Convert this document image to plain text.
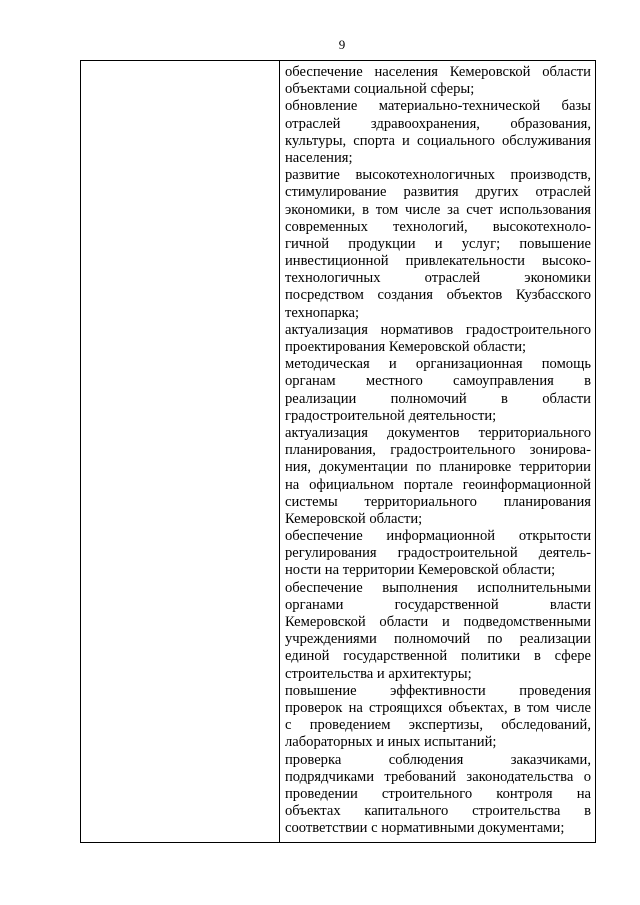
9
обеспечение населения Кемеровской области
объектами социальной сферы;
обновление материально-технической базы
отраслей здравоохранения, образования,
культуры, спорта и социального обслуживания
населения;
развитие высокотехнологичных производств,
стимулирование развития других отраслей
экономики, в том числе за счет использования
современных технологий, высокотехноло-
гичной продукции и услуг; повышение
инвестиционной привлекательности высоко-
технологичных отраслей экономики
посредством создания объектов Кузбасского
технопарка;
актуализация нормативов градостроительного
проектирования Кемеровской области;
методическая и организационная помощь
органам местного самоуправления в
реализации полномочий в области
градостроительной деятельности;
актуализация документов территориального
планирования, градостроительного зонирова-
ния, документации по планировке территории
на официальном портале геоинформационной
системы территориального планирования
Кемеровской области;
обеспечение информационной открытости
регулирования градостроительной деятель-
ности на территории Кемеровской области;
обеспечение выполнения исполнительными
органами государственной власти
Кемеровской области и подведомственными
учреждениями полномочий по реализации
единой государственной политики в сфере
строительства и архитектуры;
повышение эффективности проведения
проверок на строящихся объектах, в том числе
с проведением экспертизы, обследований,
лабораторных и иных испытаний;
проверка соблюдения заказчиками,
подрядчиками требований законодательства о
проведении строительного контроля на
объектах капитального строительства в
соответствии с нормативными документами;
